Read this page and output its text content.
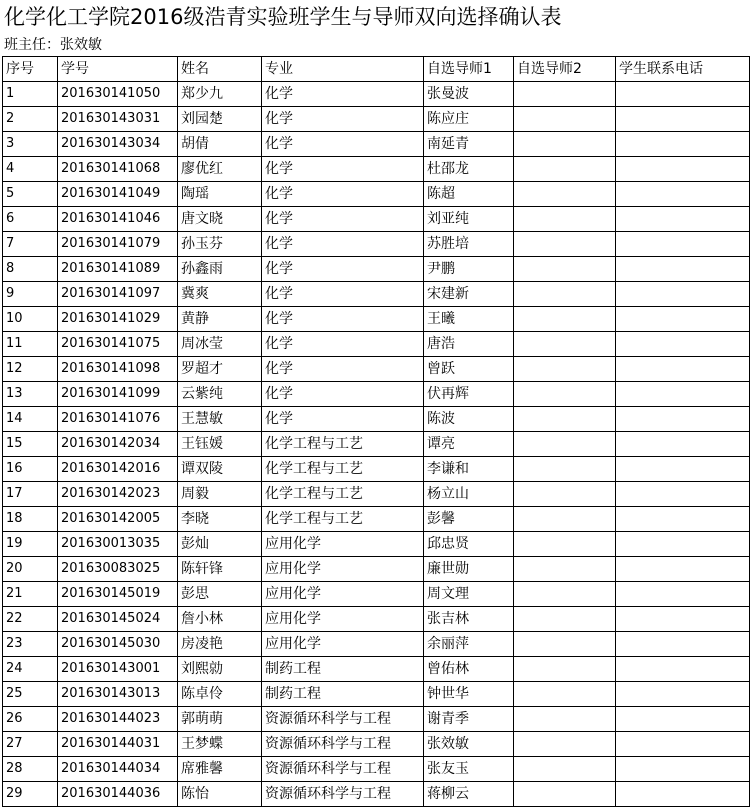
化学化工学院2016级浩青实验班学生与导师双向选择确认表
班主任：张效敏
序号	学号	姓名	专业	自选导师1	自选导师2	学生联系电话
1	201630141050	郑少九	化学	张曼波		
2	201630143031	刘园楚	化学	陈应庄		
3	201630143034	胡倩	化学	南延青		
4	201630141068	廖优红	化学	杜邵龙		
5	201630141049	陶瑶	化学	陈超		
6	201630141046	唐文晓	化学	刘亚纯		
7	201630141079	孙玉芬	化学	苏胜培		
8	201630141089	孙鑫雨	化学	尹鹏		
9	201630141097	冀爽	化学	宋建新		
10	201630141029	黄静	化学	王曦		
11	201630141075	周冰莹	化学	唐浩		
12	201630141098	罗超才	化学	曾跃		
13	201630141099	云紫纯	化学	伏再辉		
14	201630141076	王慧敏	化学	陈波		
15	201630142034	王钰媛	化学工程与工艺	谭亮		
16	201630142016	谭双陵	化学工程与工艺	李谦和		
17	201630142023	周毅	化学工程与工艺	杨立山		
18	201630142005	李晓	化学工程与工艺	彭馨		
19	201630013035	彭灿	应用化学	邱忠贤		
20	201630083025	陈轩锋	应用化学	廉世勋		
21	201630145019	彭思	应用化学	周文理		
22	201630145024	詹小林	应用化学	张吉林		
23	201630145030	房凌艳	应用化学	余丽萍		
24	201630143001	刘熙勍	制药工程	曾佑林		
25	201630143013	陈卓伶	制药工程	钟世华		
26	201630144023	郭萌萌	资源循环科学与工程	谢青季		
27	201630144031	王梦蝶	资源循环科学与工程	张效敏		
28	201630144034	席雅馨	资源循环科学与工程	张友玉		
29	201630144036	陈怡	资源循环科学与工程	蒋柳云		
